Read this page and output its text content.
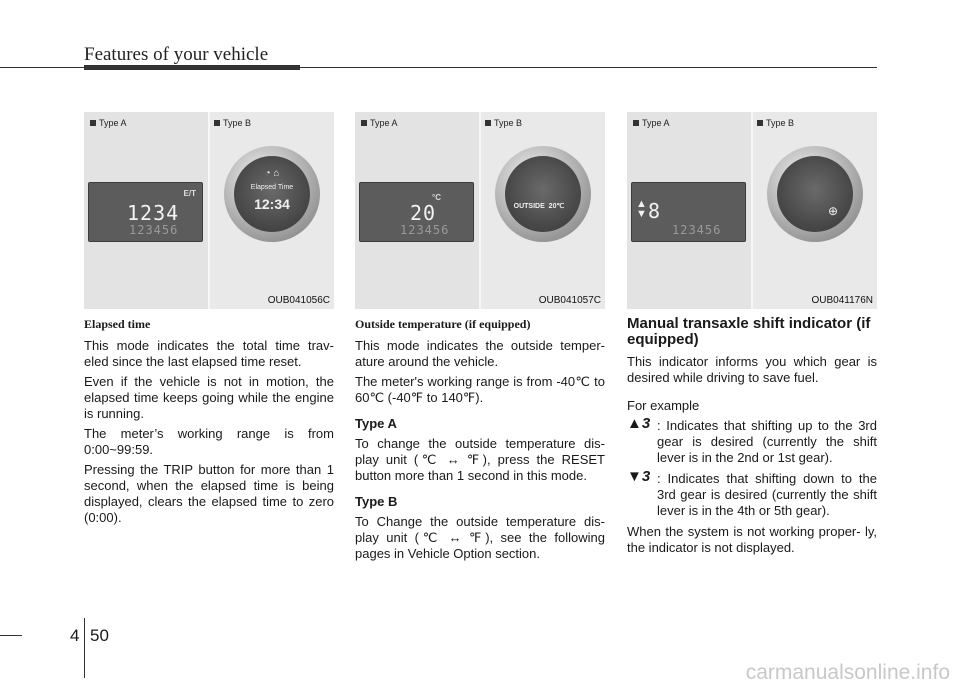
Features of your vehicle
Type A
E/T
1234
123456
Type B
◔ ⌂
Elapsed Time
12:34
OUB041056C
Type A
°C
20
123456
Type B
OUTSIDE 20℃
OUB041057C
Type A
▲
▼ 8
123456
Type B
⊕
OUB041176N
Elapsed time

This mode indicates the total time trav- eled since the last elapsed time reset.

Even if the vehicle is not in motion, the elapsed time keeps going while the engine is running.

The meter’s working range is from 0:00~99:59.

Pressing the TRIP button for more than 1 second, when the elapsed time is being displayed, clears the elapsed time to zero (0:00).

Outside temperature (if equipped)

This mode indicates the outside temper- ature around the vehicle.

The meter's working range is from -40℃ to 60℃ (-40℉ to 140℉).

Type A

To change the outside temperature dis- play unit (℃ ↔ ℉), press the RESET button more than 1 second in this mode.

Type B

To Change the outside temperature dis- play unit (℃ ↔ ℉), see the following pages in Vehicle Option section.

Manual transaxle shift indicator (if equipped)

This indicator informs you which gear is desired while driving to save fuel.

For example

▲3 : Indicates that shifting up to the 3rd gear is desired (currently the shift lever is in the 2nd or 1st gear).
▼3 : Indicates that shifting down to the 3rd gear is desired (currently the shift lever is in the 4th or 5th gear).

When the system is not working proper- ly, the indicator is not displayed.

4 50
carmanualsonline.info
